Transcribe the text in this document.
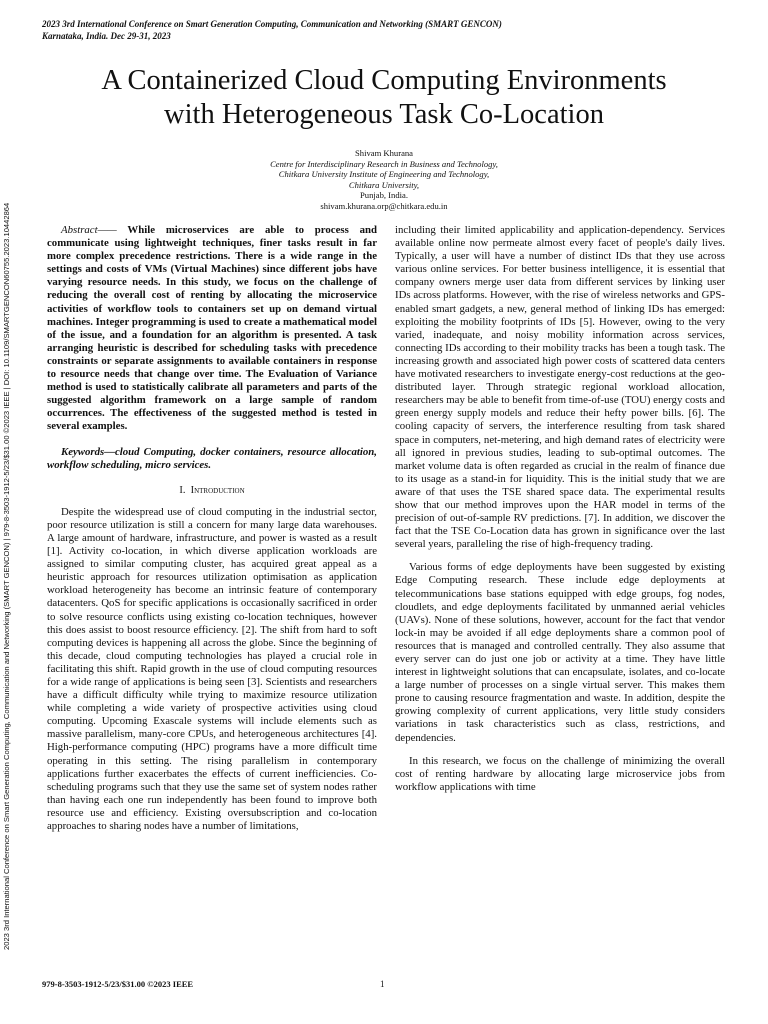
2023 3rd International Conference on Smart Generation Computing, Communication and Networking (SMART GENCON)
Karnataka, India. Dec 29-31, 2023
2023 3rd International Conference on Smart Generation Computing, Communication and Networking (SMART GENCON) | 979-8-3503-1912-5/23/$31.00 ©2023 IEEE | DOI: 10.1109/SMARTGENCON60755.2023.10442864
A Containerized Cloud Computing Environments
with Heterogeneous Task Co-Location
Shivam Khurana
Centre for Interdisciplinary Research in Business and Technology,
Chitkara University Institute of Engineering and Technology,
Chitkara University,
Punjab, India.
shivam.khurana.orp@chitkara.edu.in

Abstract—— While microservices are able to process and communicate using lightweight techniques, finer tasks result in far more complex precedence restrictions. There is a wide range in the settings and costs of VMs (Virtual Machines) since different jobs have varying resource needs. In this study, we focus on the challenge of reducing the overall cost of renting by allocating the microservice activities of workflow tools to containers set up on demand virtual machines. Integer programming is used to create a mathematical model of the issue, and a foundation for an algorithm is presented. A task arranging heuristic is described for scheduling tasks with precedence constraints or separate assignments to available containers in response to resource needs that change over time. The Evaluation of Variance method is used to statistically calibrate all parameters and parts of the suggested algorithm framework on a large sample of random occurrences. The effectiveness of the suggested method is tested in several examples.

Keywords—cloud Computing, docker containers, resource allocation, workflow scheduling, micro services.

I. Introduction

Despite the widespread use of cloud computing in the industrial sector, poor resource utilization is still a concern for many large data warehouses. A large amount of hardware, infrastructure, and power is wasted as a result [1]. Activity co-location, in which diverse application workloads are assigned to similar computing cluster, has acquired great appeal as a heuristic approach for resources utilization optimisation as application workload heterogeneity has become an intrinsic feature of contemporary datacenters. QoS for specific applications is occasionally sacrificed in order to solve resource conflicts using existing co-location techniques, however this does assist to boost resource efficiency. [2]. The shift from hard to soft computing devices is happening all across the globe. Since the beginning of this decade, cloud computing technologies has played a crucial role in facilitating this shift. Rapid growth in the use of cloud computing resources for a wide range of applications is being seen [3]. Scientists and researchers have a difficult difficulty while trying to maximize resource utilization while completing a wide variety of prospective activities using cloud computing. Upcoming Exascale systems will include elements such as massive parallelism, many-core CPUs, and heterogeneous architectures [4]. High-performance computing (HPC) programs have a more difficult time operating in this setting. The rising parallelism in contemporary applications further exacerbates the effects of current inefficiencies. Co-scheduling programs such that they use the same set of system nodes rather than having each one run independently has been found to improve both resource use and efficiency. Existing oversubscription and co-location approaches to sharing nodes have a number of limitations,

including their limited applicability and application-dependency. Services available online now permeate almost every facet of people's daily lives. Typically, a user will have a number of distinct IDs that they use across various online services. For better business intelligence, it is essential that company owners merge user data from different services by linking user IDs across platforms. However, with the rise of wireless networks and GPS-enabled smart gadgets, a new, general method of linking IDs has emerged: exploiting the mobility footprints of IDs [5]. However, owing to the very varied, inadequate, and noisy mobility information across services, connecting IDs according to their mobility tracks has been a tough task. The increasing growth and associated high power costs of scattered data centers have motivated researchers to investigate energy-cost reductions at the geo-distributed layer. Through strategic regional workload allocation, researchers may be able to benefit from time-of-use (TOU) energy costs and green energy supply models and reduce their hefty power bills. [6]. The cooling capacity of servers, the interference resulting from task shared space in computers, net-metering, and high demand rates of electricity were all ignored in previous studies, leading to sub-optimal outcomes. The market volume data is often regarded as crucial in the realm of finance due to its usage as a stand-in for liquidity. This is the initial study that we are aware of that uses the TSE shared space data. The experimental results show that our method improves upon the HAR model in terms of the precision of out-of-sample RV predictions. [7]. In addition, we discover the fact that the TSE Co-Location data has grown in significance over the last several years, paralleling the rise of high-frequency trading.

Various forms of edge deployments have been suggested by existing Edge Computing research. These include edge deployments at telecommunications base stations equipped with edge groups, fog nodes, cloudlets, and edge deployments facilitated by unmanned aerial vehicles (UAVs). None of these solutions, however, account for the fact that vendor lock-in may be avoided if all edge deployments share a common pool of resources that is managed and controlled centrally. They also assume that every server can do just one job or activity at a time. They have little interest in lightweight solutions that can encapsulate, isolates, and co-locate a large number of processes on a single virtual server. This makes them prone to causing resource fragmentation and waste. In addition, despite the growing complexity of current applications, very little study considers variations in task characteristics such as class, restrictions, and dependencies.

In this research, we focus on the challenge of minimizing the overall cost of renting hardware by allocating large microservice jobs from workflow applications with time

979-8-3503-1912-5/23/$31.00 ©2023 IEEE	1
